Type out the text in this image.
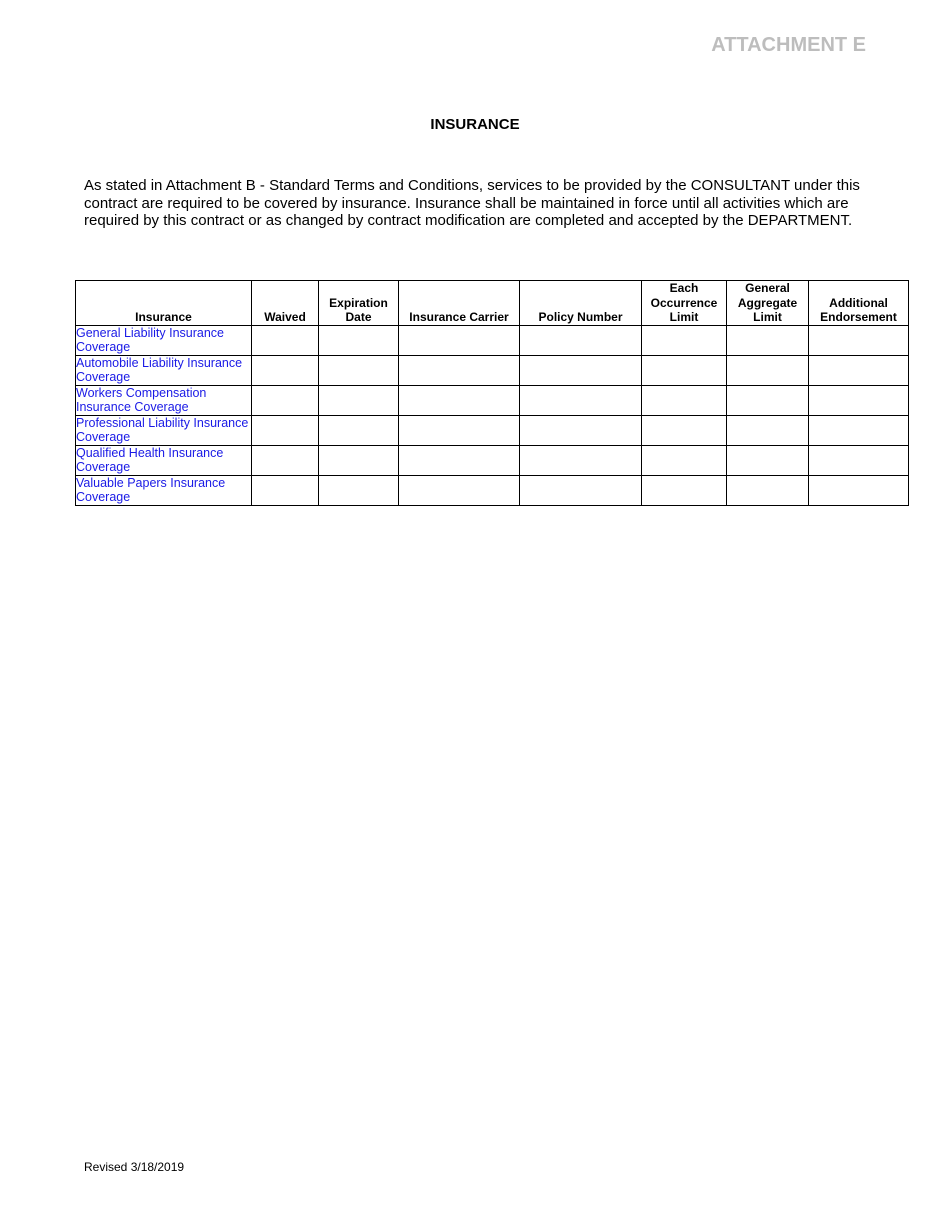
ATTACHMENT E
INSURANCE
As stated in Attachment B - Standard Terms and Conditions, services to be provided by the CONSULTANT under this contract are required to be covered by insurance. Insurance shall be maintained in force until all activities which are required by this contract or as changed by contract modification are completed and accepted by the DEPARTMENT.
Insurance	Waived	Expiration Date	Insurance Carrier	Policy Number	Each Occurrence Limit	General Aggregate Limit	Additional Endorsement
General Liability Insurance Coverage							
Automobile Liability Insurance Coverage							
Workers Compensation Insurance Coverage							
Professional Liability Insurance Coverage							
Qualified Health Insurance Coverage							
Valuable Papers Insurance Coverage							
Revised 3/18/2019
